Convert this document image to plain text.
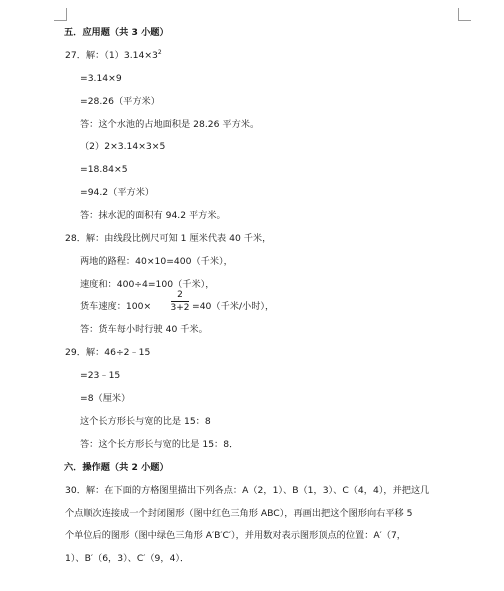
五．应用题（共 3 小题）
27．解：$(1)3.14\times 3^2$
=3.14×9
=28.26（平方米）
答：这个水池的占地面积是 28.26 平方米。
（2）2×3.14×3×5
=18.84×5
=94.2（平方米）
答：抹水泥的面积有 94.2 平方米。
28．解：由线段比例尺可知 1 厘米代表 40 千米，
两地的路程：40×10=400（千米），
速度和：400÷4=100（千米），
货车速度：100×
2
3+2 =40（千米/小时），
答：货车每小时行驶 40 千米。
29．解：46÷2﹣15
=23﹣15
=8（厘米）
这个长方形长与宽的比是 15：8
答：这个长方形长与宽的比是 15：8．
六．操作题（共 2 小题）
30．解：在下面的方格图里描出下列各点：A（2，1）、B（1，3）、C（4，4），并把这几
个点顺次连接成一个封闭图形（图中红色三角形 ABC），再画出把这个图形向右平移 5
个单位后的图形（图中绿色三角形 A′B′C′），并用数对表示图形顶点的位置：A′（7，
1）、B′（6，3）、C′（9，4）．
